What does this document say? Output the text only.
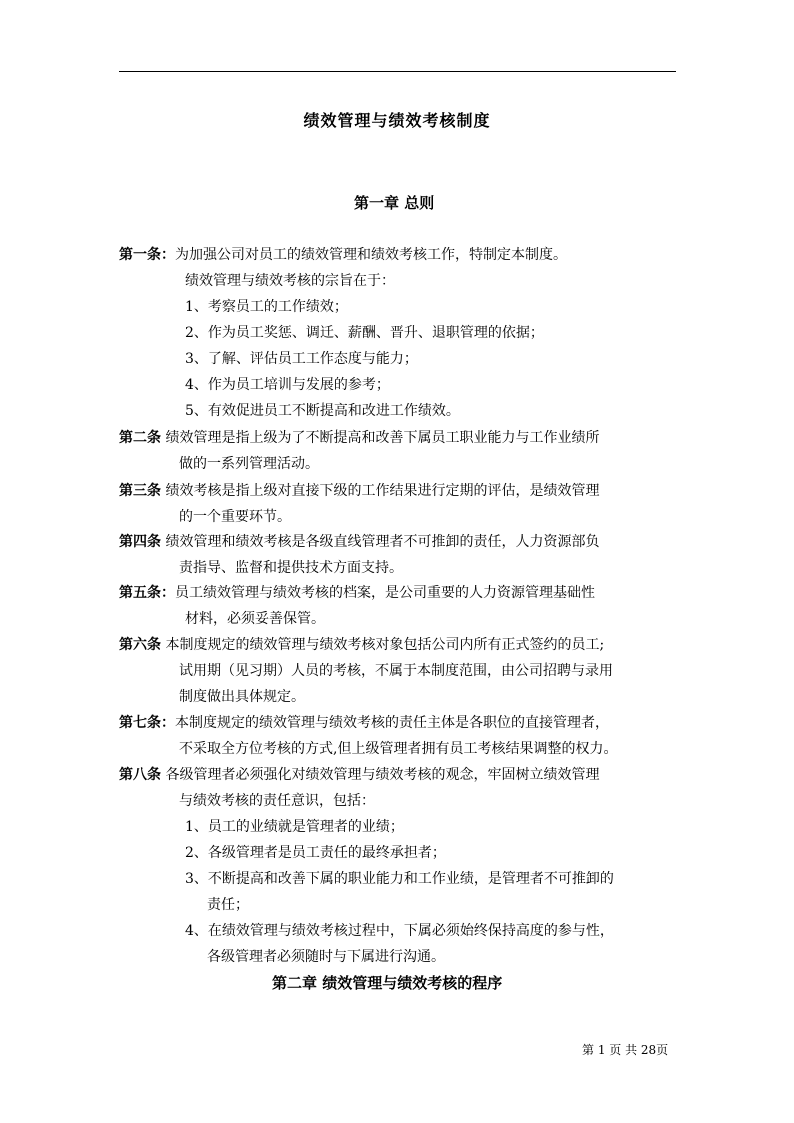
绩效管理与绩效考核制度
第一章 总则
第一条：为加强公司对员工的绩效管理和绩效考核工作，特制定本制度。
绩效管理与绩效考核的宗旨在于：
1、考察员工的工作绩效；
2、作为员工奖惩、调迁、薪酬、晋升、退职管理的依据；
3、了解、评估员工工作态度与能力；
4、作为员工培训与发展的参考；
5、有效促进员工不断提高和改进工作绩效。
第二条 绩效管理是指上级为了不断提高和改善下属员工职业能力与工作业绩所
做的一系列管理活动。
第三条 绩效考核是指上级对直接下级的工作结果进行定期的评估，是绩效管理
的一个重要环节。
第四条 绩效管理和绩效考核是各级直线管理者不可推卸的责任，人力资源部负
责指导、监督和提供技术方面支持。
第五条：员工绩效管理与绩效考核的档案，是公司重要的人力资源管理基础性
材料，必须妥善保管。
第六条 本制度规定的绩效管理与绩效考核对象包括公司内所有正式签约的员工;
试用期（见习期）人员的考核，不属于本制度范围，由公司招聘与录用
制度做出具体规定。
第七条：本制度规定的绩效管理与绩效考核的责任主体是各职位的直接管理者，
不采取全方位考核的方式,但上级管理者拥有员工考核结果调整的权力。
第八条 各级管理者必须强化对绩效管理与绩效考核的观念，牢固树立绩效管理
与绩效考核的责任意识，包括：
1、员工的业绩就是管理者的业绩；
2、各级管理者是员工责任的最终承担者；
3、不断提高和改善下属的职业能力和工作业绩，是管理者不可推卸的
责任；
4、在绩效管理与绩效考核过程中，下属必须始终保持高度的参与性，
各级管理者必须随时与下属进行沟通。
第二章 绩效管理与绩效考核的程序
第 1 页 共 28页
